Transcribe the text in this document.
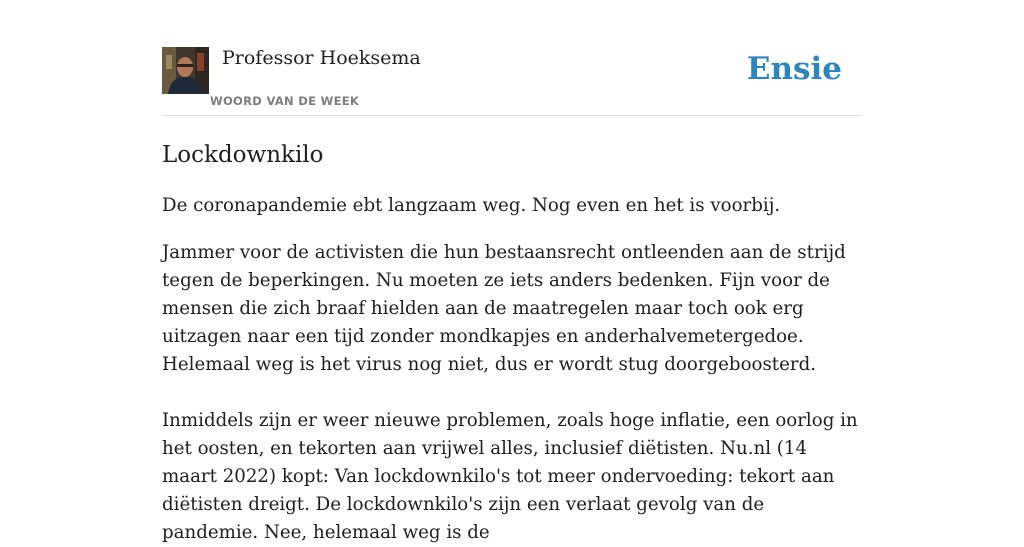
Professor Hoeksema
WOORD VAN DE WEEK
Ensie
Lockdownkilo

De coronapandemie ebt langzaam weg. Nog even en het is voorbij.

Jammer voor de activisten die hun bestaansrecht ontleenden aan de strijd tegen de beperkingen. Nu moeten ze iets anders bedenken. Fijn voor de mensen die zich braaf hielden aan de maatregelen maar toch ook erg uitzagen naar een tijd zonder mondkapjes en anderhalvemetergedoe. Helemaal weg is het virus nog niet, dus er wordt stug doorgeboosterd.

Inmiddels zijn er weer nieuwe problemen, zoals hoge inflatie, een oorlog in het oosten, en tekorten aan vrijwel alles, inclusief diëtisten. Nu.nl (14 maart 2022) kopt: Van lockdownkilo's tot meer ondervoeding: tekort aan diëtisten dreigt. De lockdownkilo's zijn een verlaat gevolg van de pandemie. Nee, helemaal weg is de
